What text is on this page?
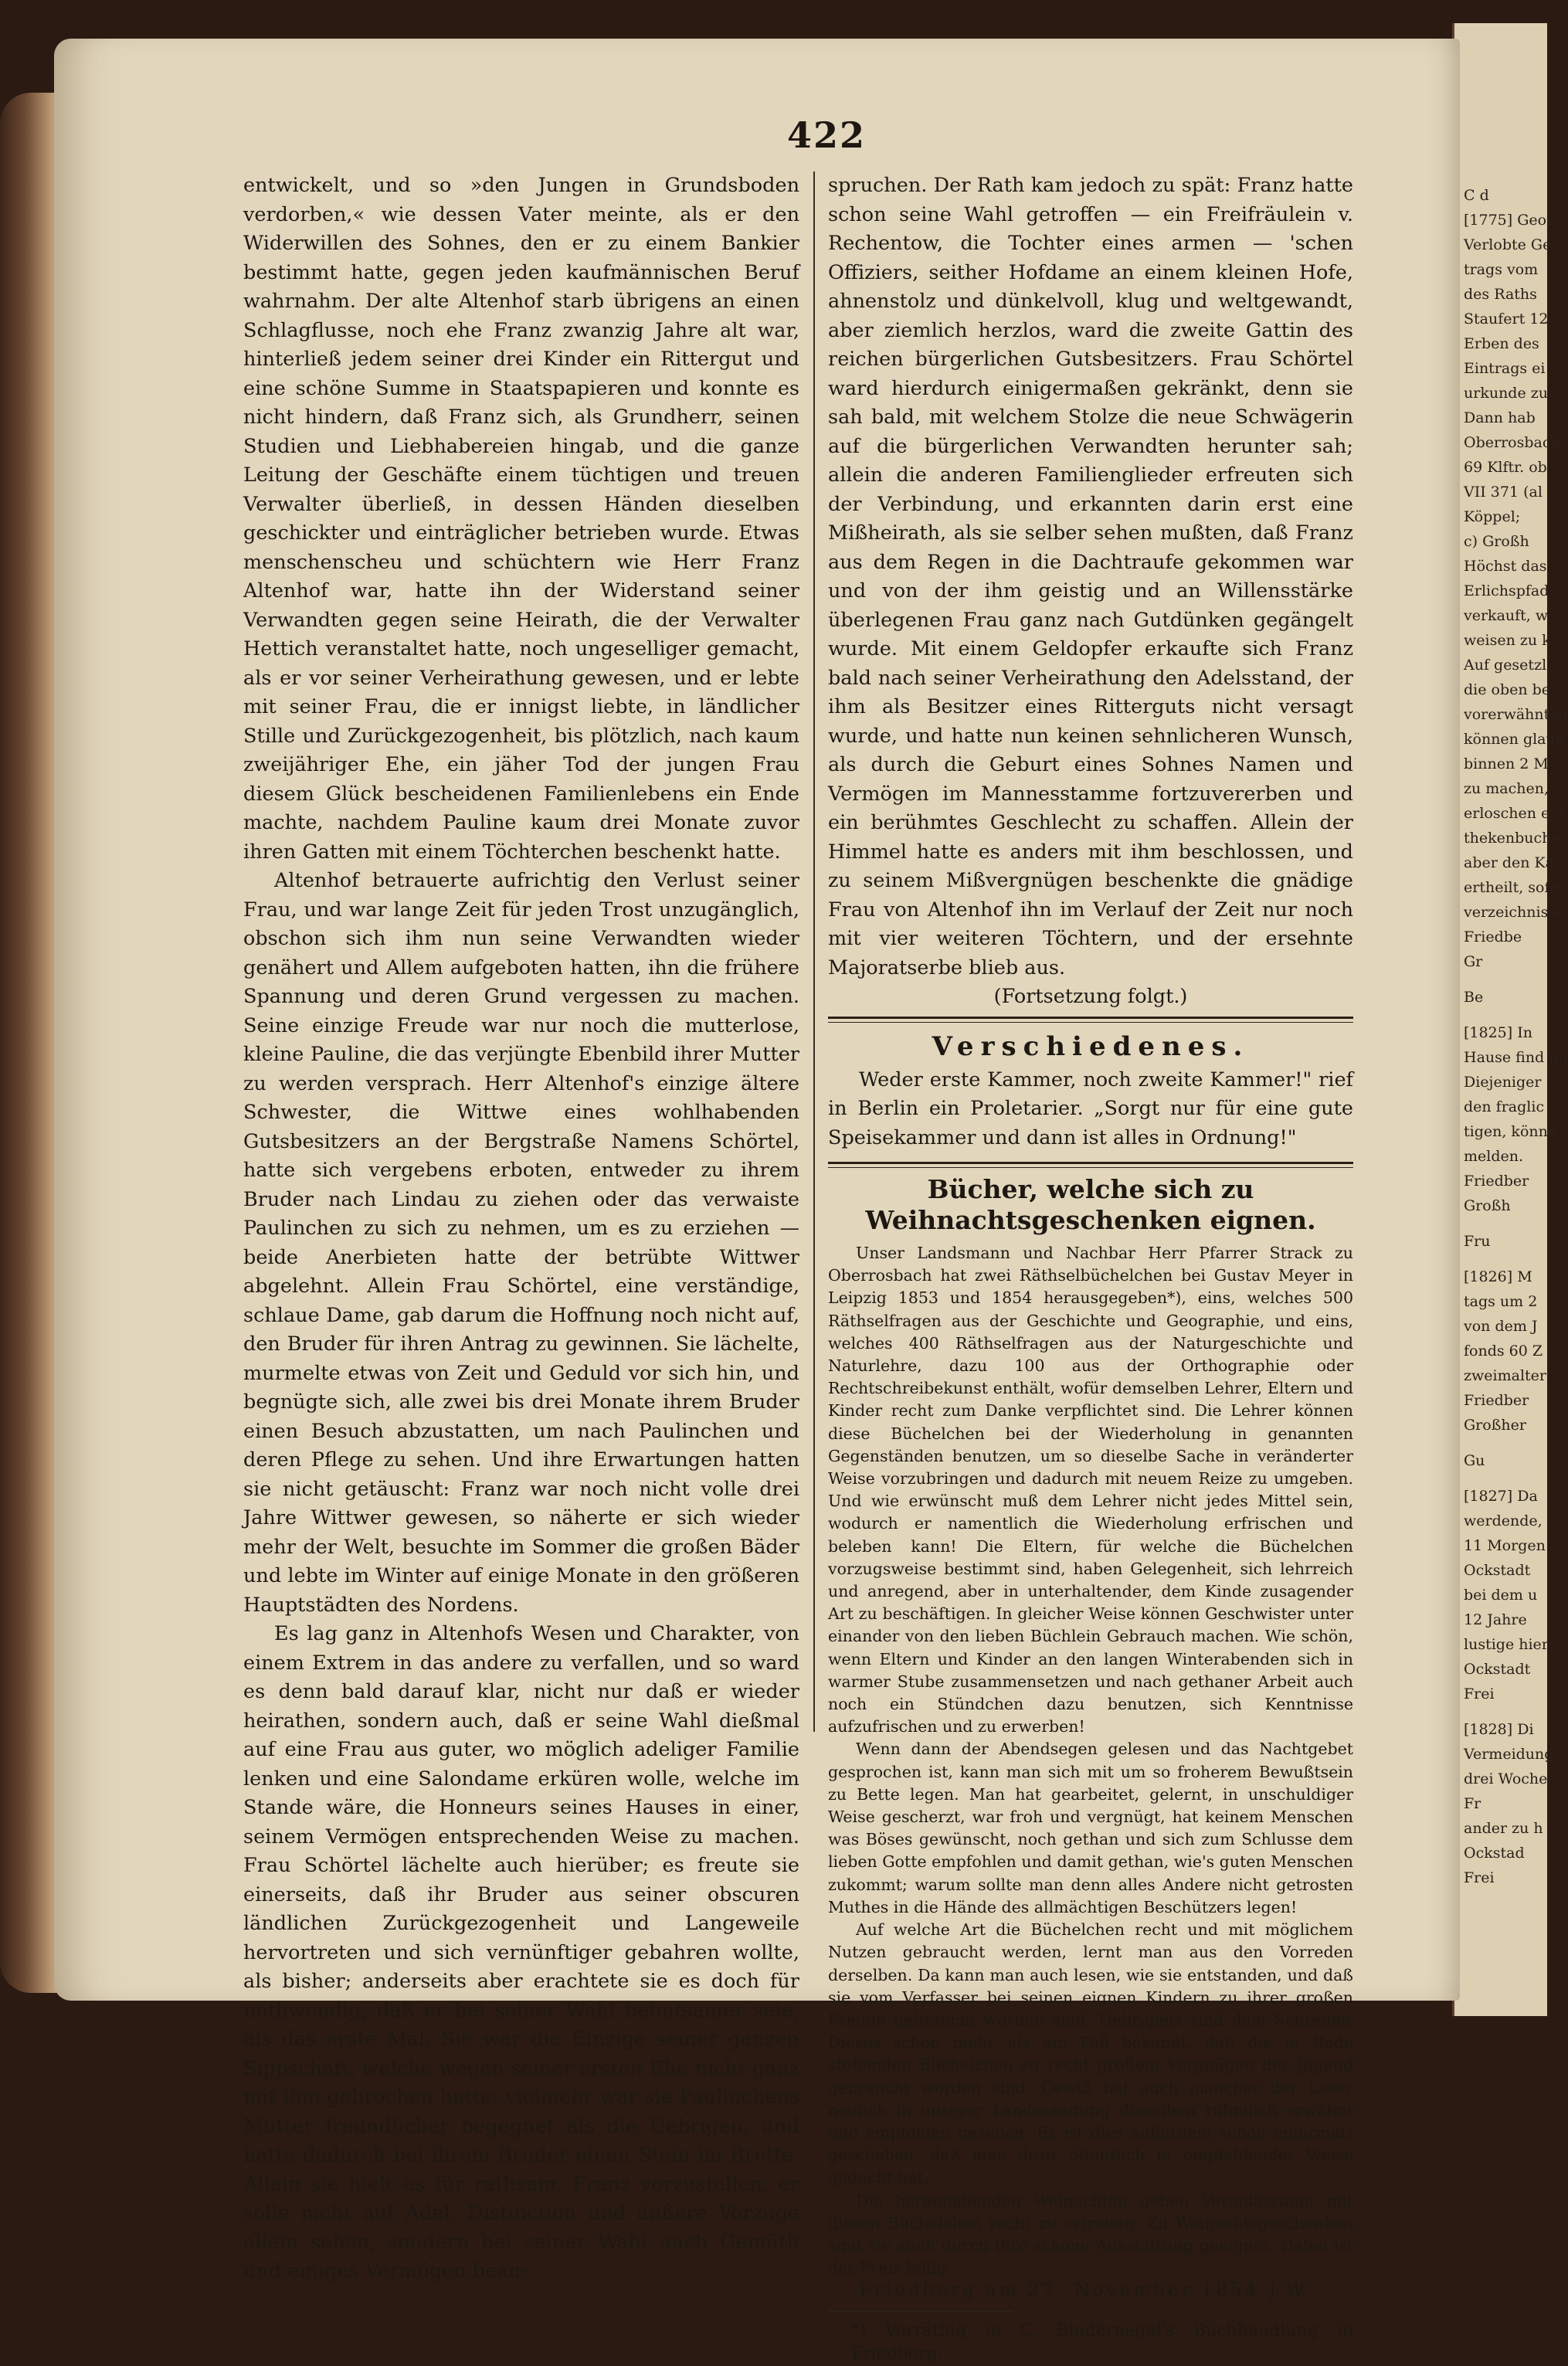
C d
[1775] Geor
Verlobte Ge
trags vom
des Raths
Staufert 12
Erben des
Eintrags ei
urkunde zu
Dann hab
Oberrosbach
69 Klftr. ob
VII 371 (al
Köppel;
c) Großh
Höchst das
Erlichspfad
verkauft, w
weisen zu k
Auf gesetzl
die oben be
vorerwähnten
können glaub
binnen 2 M
zu machen,
erloschen era
thekenbuche
aber den Ka
ertheilt, sofe
verzeichnisse
Friedbe
Gr
Be
[1825] In
Hause find no
Diejeniger
den fraglic
tigen, könne
melden.
Friedber
Großh
Fru
[1826] M
tags um 2
von dem J
fonds 60 Z
zweimalter
Friedber
Großher
Gu
[1827] Da
werdende,
11 Morgen
Ockstadt
bei dem u
12 Jahre
lustige hier
Ockstadt
Frei
[1828] Di
Vermeidung
drei Woche
Fr
ander zu h
Ockstad
Frei
422

entwickelt, und so »den Jungen in Grundsboden verdorben,« wie dessen Vater meinte, als er den Widerwillen des Sohnes, den er zu einem Bankier bestimmt hatte, gegen jeden kaufmännischen Beruf wahrnahm. Der alte Altenhof starb übrigens an einen Schlagflusse, noch ehe Franz zwanzig Jahre alt war, hinterließ jedem seiner drei Kinder ein Rittergut und eine schöne Summe in Staatspapieren und konnte es nicht hindern, daß Franz sich, als Grundherr, seinen Studien und Liebhabereien hingab, und die ganze Leitung der Geschäfte einem tüchtigen und treuen Verwalter überließ, in dessen Händen dieselben geschickter und einträglicher betrieben wurde. Etwas menschenscheu und schüchtern wie Herr Franz Altenhof war, hatte ihn der Widerstand seiner Verwandten gegen seine Heirath, die der Verwalter Hettich veranstaltet hatte, noch ungeselliger gemacht, als er vor seiner Verheirathung gewesen, und er lebte mit seiner Frau, die er innigst liebte, in ländlicher Stille und Zurückgezogenheit, bis plötzlich, nach kaum zweijähriger Ehe, ein jäher Tod der jungen Frau diesem Glück bescheidenen Familienlebens ein Ende machte, nachdem Pauline kaum drei Monate zuvor ihren Gatten mit einem Töchterchen beschenkt hatte.

Altenhof betrauerte aufrichtig den Verlust seiner Frau, und war lange Zeit für jeden Trost unzugänglich, obschon sich ihm nun seine Verwandten wieder genähert und Allem aufgeboten hatten, ihn die frühere Spannung und deren Grund vergessen zu machen. Seine einzige Freude war nur noch die mutterlose, kleine Pauline, die das verjüngte Ebenbild ihrer Mutter zu werden versprach. Herr Altenhof's einzige ältere Schwester, die Wittwe eines wohlhabenden Gutsbesitzers an der Bergstraße Namens Schörtel, hatte sich vergebens erboten, entweder zu ihrem Bruder nach Lindau zu ziehen oder das verwaiste Paulinchen zu sich zu nehmen, um es zu erziehen — beide Anerbieten hatte der betrübte Wittwer abgelehnt. Allein Frau Schörtel, eine verständige, schlaue Dame, gab darum die Hoffnung noch nicht auf, den Bruder für ihren Antrag zu gewinnen. Sie lächelte, murmelte etwas von Zeit und Geduld vor sich hin, und begnügte sich, alle zwei bis drei Monate ihrem Bruder einen Besuch abzustatten, um nach Paulinchen und deren Pflege zu sehen. Und ihre Erwartungen hatten sie nicht getäuscht: Franz war noch nicht volle drei Jahre Wittwer gewesen, so näherte er sich wieder mehr der Welt, besuchte im Sommer die großen Bäder und lebte im Winter auf einige Monate in den größeren Hauptstädten des Nordens.

Es lag ganz in Altenhofs Wesen und Charakter, von einem Extrem in das andere zu verfallen, und so ward es denn bald darauf klar, nicht nur daß er wieder heirathen, sondern auch, daß er seine Wahl dießmal auf eine Frau aus guter, wo möglich adeliger Familie lenken und eine Salondame erküren wolle, welche im Stande wäre, die Honneurs seines Hauses in einer, seinem Vermögen entsprechenden Weise zu machen. Frau Schörtel lächelte auch hierüber; es freute sie einerseits, daß ihr Bruder aus seiner obscuren ländlichen Zurückgezogenheit und Langeweile hervortreten und sich vernünftiger gebahren wollte, als bisher; anderseits aber erachtete sie es doch für nothwendig, daß er bei seiner Wahl behutsamer seie, als das erste Mal. Sie war die Einzige seiner ganzen Sippschaft, welche wegen seiner ersten Ehe nicht ganz mit ihm gebrochen hatte; vielmehr war sie Paulinchens Mutter freundlicher begegnet als die Uebrigen, und hatte dadurch bei ihrem Bruder einen Stein im Brette. Allein sie hielt es für rathsam, Franz vorzustellen, er solle nicht auf Adel, Distinction und äußere Vorzüge allein sehen, sondern bei seiner Wahl auch Gemüth und einiges Vermögen bean-

spruchen. Der Rath kam jedoch zu spät: Franz hatte schon seine Wahl getroffen — ein Freifräulein v. Rechentow, die Tochter eines armen — 'schen Offiziers, seither Hofdame an einem kleinen Hofe, ahnenstolz und dünkelvoll, klug und weltgewandt, aber ziemlich herzlos, ward die zweite Gattin des reichen bürgerlichen Gutsbesitzers. Frau Schörtel ward hierdurch einigermaßen gekränkt, denn sie sah bald, mit welchem Stolze die neue Schwägerin auf die bürgerlichen Verwandten herunter sah; allein die anderen Familienglieder erfreuten sich der Verbindung, und erkannten darin erst eine Mißheirath, als sie selber sehen mußten, daß Franz aus dem Regen in die Dachtraufe gekommen war und von der ihm geistig und an Willensstärke überlegenen Frau ganz nach Gutdünken gegängelt wurde. Mit einem Geldopfer erkaufte sich Franz bald nach seiner Verheirathung den Adelsstand, der ihm als Besitzer eines Ritterguts nicht versagt wurde, und hatte nun keinen sehnlicheren Wunsch, als durch die Geburt eines Sohnes Namen und Vermögen im Mannesstamme fortzuvererben und ein berühmtes Geschlecht zu schaffen. Allein der Himmel hatte es anders mit ihm beschlossen, und zu seinem Mißvergnügen beschenkte die gnädige Frau von Altenhof ihn im Verlauf der Zeit nur noch mit vier weiteren Töchtern, und der ersehnte Majoratserbe blieb aus.

(Fortsetzung folgt.)

Verschiedenes.

Weder erste Kammer, noch zweite Kammer!" rief in Berlin ein Proletarier. „Sorgt nur für eine gute Speisekammer und dann ist alles in Ordnung!"

Bücher, welche sich zu Weihnachtsgeschenken eignen.

Unser Landsmann und Nachbar Herr Pfarrer Strack zu Oberrosbach hat zwei Räthselbüchelchen bei Gustav Meyer in Leipzig 1853 und 1854 herausgegeben*), eins, welches 500 Räthselfragen aus der Geschichte und Geographie, und eins, welches 400 Räthselfragen aus der Naturgeschichte und Naturlehre, dazu 100 aus der Orthographie oder Rechtschreibekunst enthält, wofür demselben Lehrer, Eltern und Kinder recht zum Danke verpflichtet sind. Die Lehrer können diese Büchelchen bei der Wiederholung in genannten Gegenständen benutzen, um so dieselbe Sache in veränderter Weise vorzubringen und dadurch mit neuem Reize zu umgeben. Und wie erwünscht muß dem Lehrer nicht jedes Mittel sein, wodurch er namentlich die Wiederholung erfrischen und beleben kann! Die Eltern, für welche die Büchelchen vorzugsweise bestimmt sind, haben Gelegenheit, sich lehrreich und anregend, aber in unterhaltender, dem Kinde zusagender Art zu beschäftigen. In gleicher Weise können Geschwister unter einander von den lieben Büchlein Gebrauch machen. Wie schön, wenn Eltern und Kinder an den langen Winterabenden sich in warmer Stube zusammensetzen und nach gethaner Arbeit auch noch ein Stündchen dazu benutzen, sich Kenntnisse aufzufrischen und zu erwerben!

Wenn dann der Abendsegen gelesen und das Nachtgebet gesprochen ist, kann man sich mit um so froherem Bewußtsein zu Bette legen. Man hat gearbeitet, gelernt, in unschuldiger Weise gescherzt, war froh und vergnügt, hat keinem Menschen was Böses gewünscht, noch gethan und sich zum Schlusse dem lieben Gotte empfohlen und damit gethan, wie's guten Menschen zukommt; warum sollte man denn alles Andere nicht getrosten Muthes in die Hände des allmächtigen Beschützers legen!

Auf welche Art die Büchelchen recht und mit möglichem Nutzen gebraucht werden, lernt man aus den Vorreden derselben. Da kann man auch lesen, wie sie entstanden, und daß sie vom Verfasser bei seinen eignen Kindern zu ihrer großen Freude gebraucht worden sind. Uebrigens sind dem Schreiber Dieses schon mehr als ein Fall bekannt, daß die in Rede stehenden Büchelchen zu recht großem Vergnügen der Jugend gebraucht worden sind. Gewiß hat auch mancher der Leser neulich in unserer Landeszeitung dieselben rühmlich erwähnt und empfohlen gesehen. Es ist dies außerdem schon mehrmals geschehen, daß man ihrer öffentlich in empfehlender Weise gedacht hat.

Die herannahenden Weinachten geben Veranlassung, mit diesen Büchelchen recht zu erfreuen. Zu Weinachtsgeschenken sind sie auch durch ihre schöne Ausstattung geeignet. Dabei ist der Preis billig.

Friedberg am 27. November 1854. J. W.
*) Vorräthig in C. Bindernagel's Buchhandlung in Friedberg.
